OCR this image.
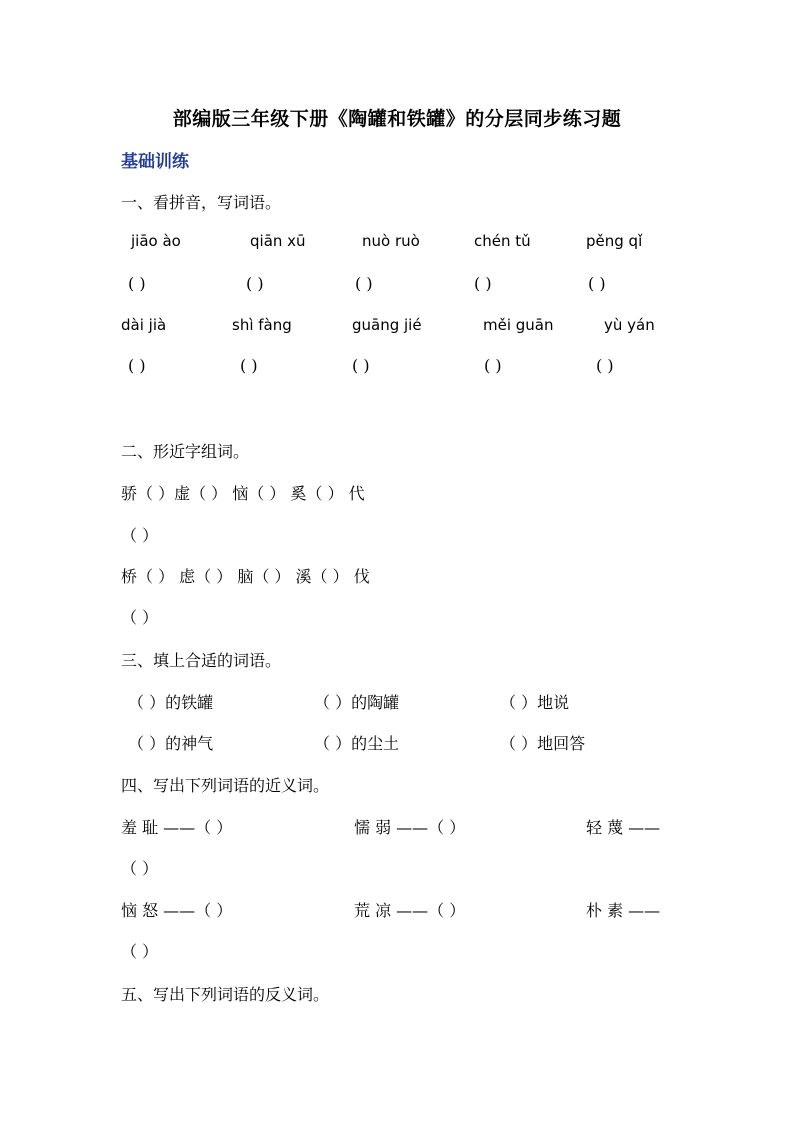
部编版三年级下册《陶罐和铁罐》的分层同步练习题
基础训练
一、看拼音，写词语。
jiāo ào	qiān xū	nuò ruò	chén tǔ	pěng qǐ
( )	( )	( )	( )	( )
dài jià	shì fàng	guāng jié	měi guān	yù yán
( )	( )	( )	( )	( )
二、形近字组词。
骄（ ）虚（ ） 恼（ ） 奚（ ） 代
（ ）
桥（ ） 虑（ ） 脑（ ） 溪（ ） 伐
（ ）
三、填上合适的词语。
（ ）的铁罐	（ ）的陶罐	（ ）地说
（ ）的神气	（ ）的尘土	（ ）地回答
四、写出下列词语的近义词。
羞 耻 ——（ ）	懦 弱 ——（ ）	轻 蔑 ——
（ ）
恼 怒 ——（ ）	荒 凉 ——（ ）	朴 素 ——
（ ）
五、写出下列词语的反义词。
